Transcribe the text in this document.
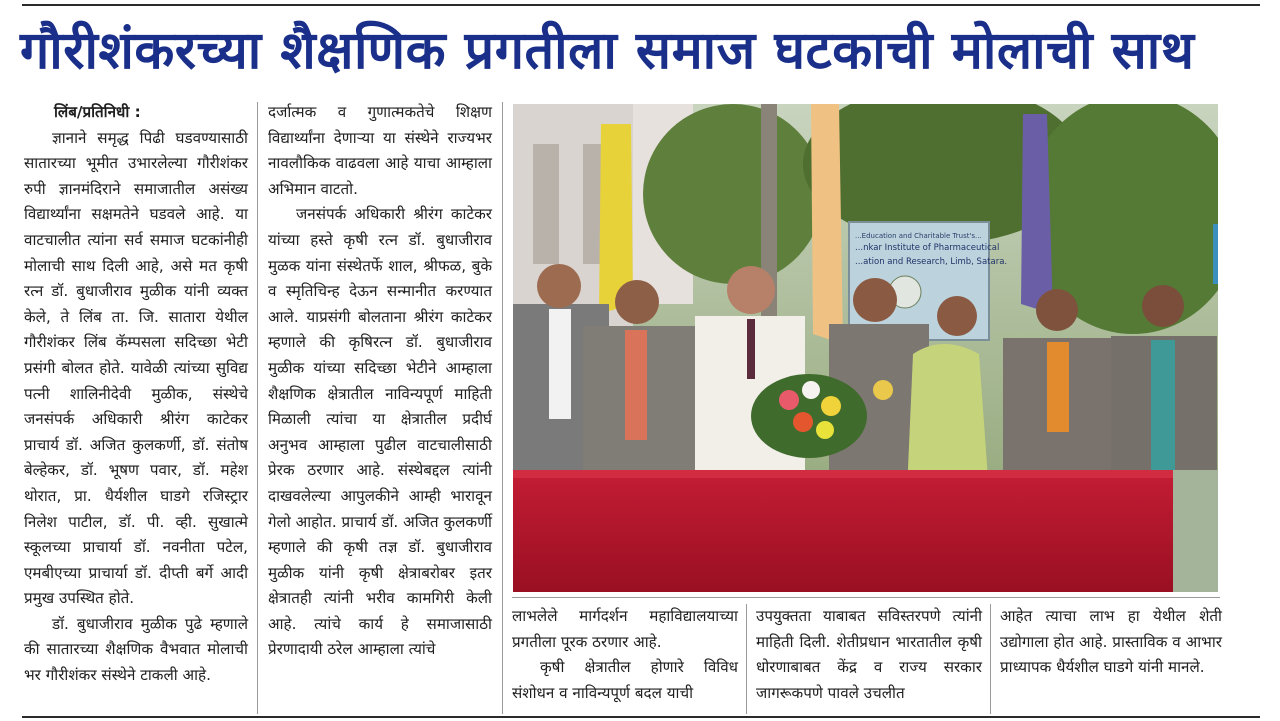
गौरीशंकरच्या शैक्षणिक प्रगतीला समाज घटकाची मोलाची साथ

लिंब/प्रतिनिधी :

ज्ञानाने समृद्ध पिढी घडवण्यासाठी सातारच्या भूमीत उभारलेल्या गौरीशंकर रुपी ज्ञानमंदिराने समाजातील असंख्य विद्यार्थ्यांना सक्षमतेने घडवले आहे. या वाटचालीत त्यांना सर्व समाज घटकांनीही मोलाची साथ दिली आहे, असे मत कृषी रत्न डॉ. बुधाजीराव मुळीक यांनी व्यक्त केले, ते लिंब ता. जि. सातारा येथील गौरीशंकर लिंब कॅम्पसला सदिच्छा भेटी प्रसंगी बोलत होते. यावेळी त्यांच्या सुविद्य पत्नी शालिनीदेवी मुळीक, संस्थेचे जनसंपर्क अधिकारी श्रीरंग काटेकर प्राचार्य डॉ. अजित कुलकर्णी, डॉ. संतोष बेल्हेकर, डॉ. भूषण पवार, डॉ. महेश थोरात, प्रा. धैर्यशील घाडगे रजिस्ट्रार निलेश पाटील, डॉ. पी. व्ही. सुखात्मे स्कूलच्या प्राचार्या डॉ. नवनीता पटेल, एमबीएच्या प्राचार्या डॉ. दीप्ती बर्गे आदी प्रमुख उपस्थित होते.

डॉ. बुधाजीराव मुळीक पुढे म्हणाले की सातारच्या शैक्षणिक वैभवात मोलाची भर गौरीशंकर संस्थेने टाकली आहे.

दर्जात्मक व गुणात्मकतेचे शिक्षण विद्यार्थ्यांना देणाऱ्या या संस्थेने राज्यभर नावलौकिक वाढवला आहे याचा आम्हाला अभिमान वाटतो.

जनसंपर्क अधिकारी श्रीरंग काटेकर यांच्या हस्ते कृषी रत्न डॉ. बुधाजीराव मुळक यांना संस्थेतर्फे शाल, श्रीफळ, बुके व स्मृतिचिन्ह देऊन सन्मानीत करण्यात आले. याप्रसंगी बोलताना श्रीरंग काटेकर म्हणाले की कृषिरत्न डॉ. बुधाजीराव मुळीक यांच्या सदिच्छा भेटीने आम्हाला शैक्षणिक क्षेत्रातील नाविन्यपूर्ण माहिती मिळाली त्यांचा या क्षेत्रातील प्रदीर्घ अनुभव आम्हाला पुढील वाटचालीसाठी प्रेरक ठरणार आहे. संस्थेबद्दल त्यांनी दाखवलेल्या आपुलकीने आम्ही भारावून गेलो आहोत. प्राचार्य डॉ. अजित कुलकर्णी म्हणाले की कृषी तज्ञ डॉ. बुधाजीराव मुळीक यांनी कृषी क्षेत्राबरोबर इतर क्षेत्रातही त्यांनी भरीव कामगिरी केली आहे. त्यांचे कार्य हे समाजासाठी प्रेरणादायी ठरेल आम्हाला त्यांचे

...Education and Charitable Trust's...
...nkar Institute of Pharmaceutical
...ation and Research, Limb, Satara.

लाभलेले मार्गदर्शन महाविद्यालयाच्या प्रगतीला पूरक ठरणार आहे.

कृषी क्षेत्रातील होणारे विविध संशोधन व नाविन्यपूर्ण बदल याची

उपयुक्तता याबाबत सविस्तरपणे त्यांनी माहिती दिली. शेतीप्रधान भारतातील कृषी धोरणाबाबत केंद्र व राज्य सरकार जागरूकपणे पावले उचलीत

आहेत त्याचा लाभ हा येथील शेती उद्योगाला होत आहे. प्रास्ताविक व आभार प्राध्यापक धैर्यशील घाडगे यांनी मानले.
